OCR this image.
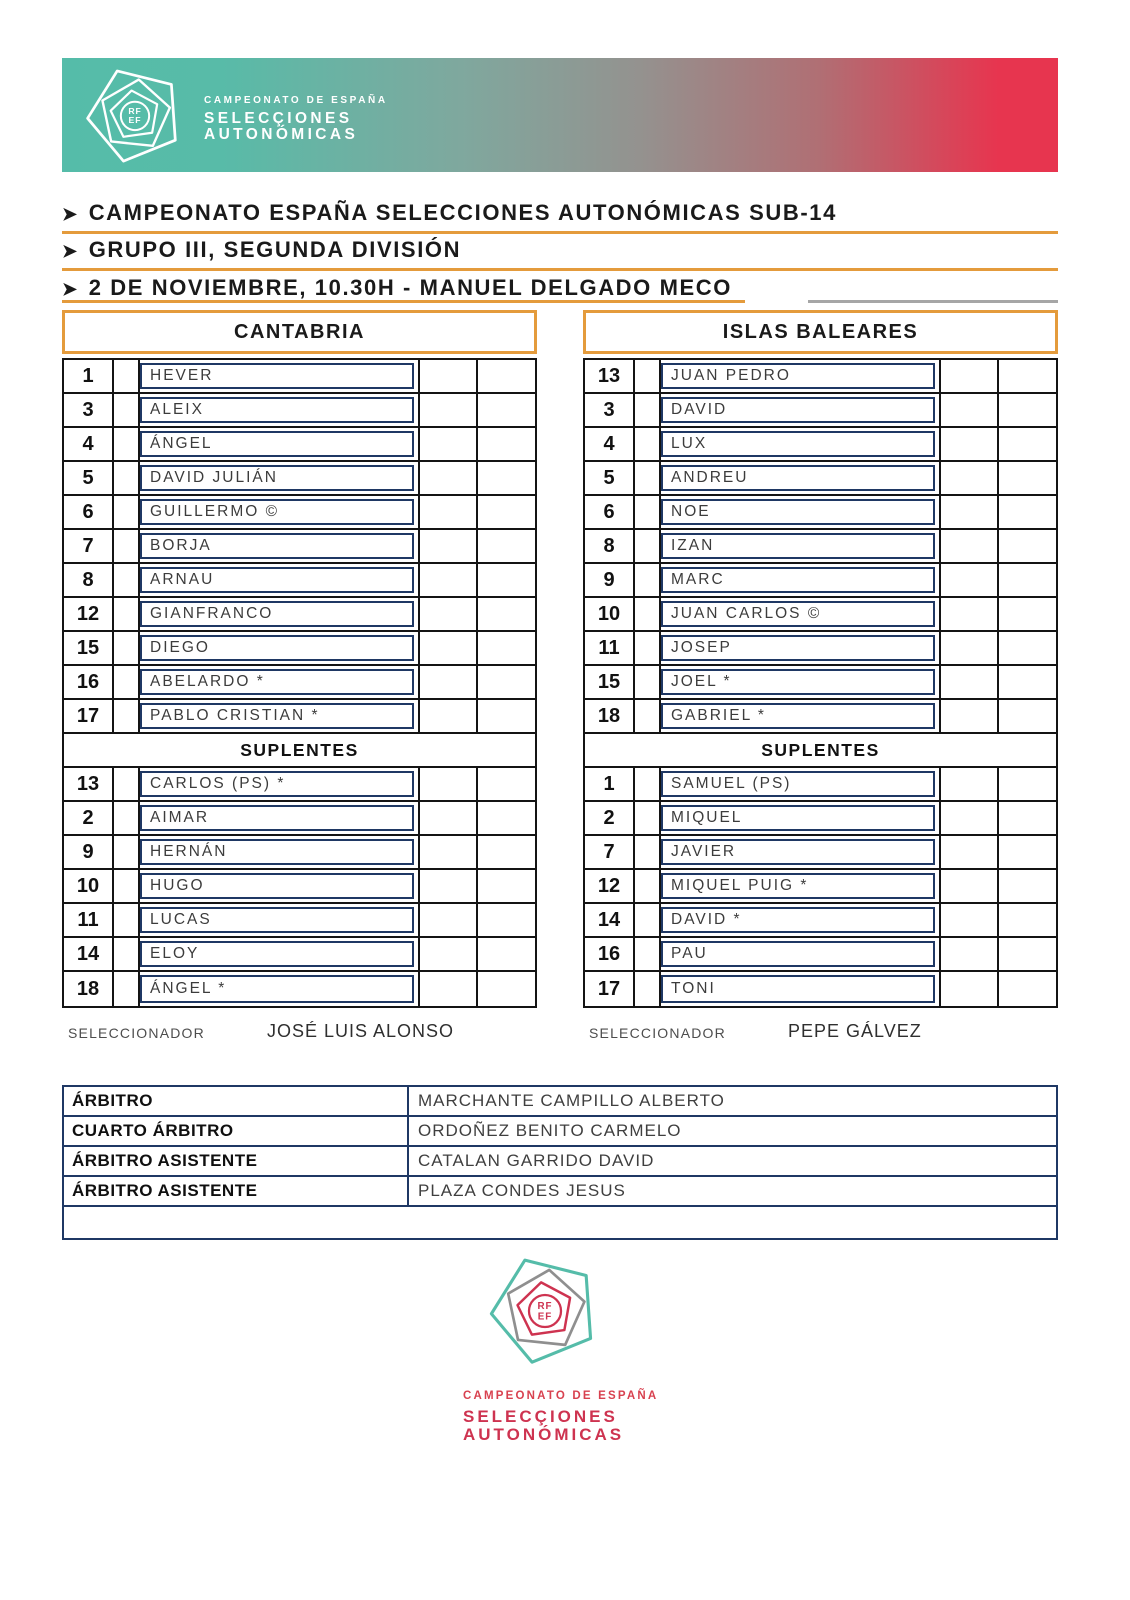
RF
EF
CAMPEONATO DE ESPAÑA
SELECÇIONES
AUTONÓMICAS
➤ CAMPEONATO ESPAÑA SELECCIONES AUTONÓMICAS SUB-14
➤ GRUPO III, SEGUNDA DIVISIÓN
➤ 2 DE NOVIEMBRE, 10.30H - MANUEL DELGADO MECO
CANTABRIA
1	HEVER
3	ALEIX
4	ÁNGEL
5	DAVID JULIÁN
6	GUILLERMO ©
7	BORJA
8	ARNAU
12	GIANFRANCO
15	DIEGO
16	ABELARDO *
17	PABLO CRISTIAN *
SUPLENTES
13	CARLOS (PS) *
2	AIMAR
9	HERNÁN
10	HUGO
11	LUCAS
14	ELOY
18	ÁNGEL *
ISLAS BALEARES
13	JUAN PEDRO
3	DAVID
4	LUX
5	ANDREU
6	NOE
8	IZAN
9	MARC
10	JUAN CARLOS ©
11	JOSEP
15	JOEL *
18	GABRIEL *
SUPLENTES
1	SAMUEL (PS)
2	MIQUEL
7	JAVIER
12	MIQUEL PUIG *
14	DAVID *
16	PAU
17	TONI
SELECCIONADOR	JOSÉ LUIS ALONSO	SELECCIONADOR	PEPE GÁLVEZ
ÁRBITRO	MARCHANTE CAMPILLO ALBERTO
CUARTO ÁRBITRO	ORDOÑEZ BENITO CARMELO
ÁRBITRO ASISTENTE	CATALAN GARRIDO DAVID
ÁRBITRO ASISTENTE	PLAZA CONDES JESUS
RF
EF
CAMPEONATO DE ESPAÑA
SELECÇIONES
AUTONÓMICAS
